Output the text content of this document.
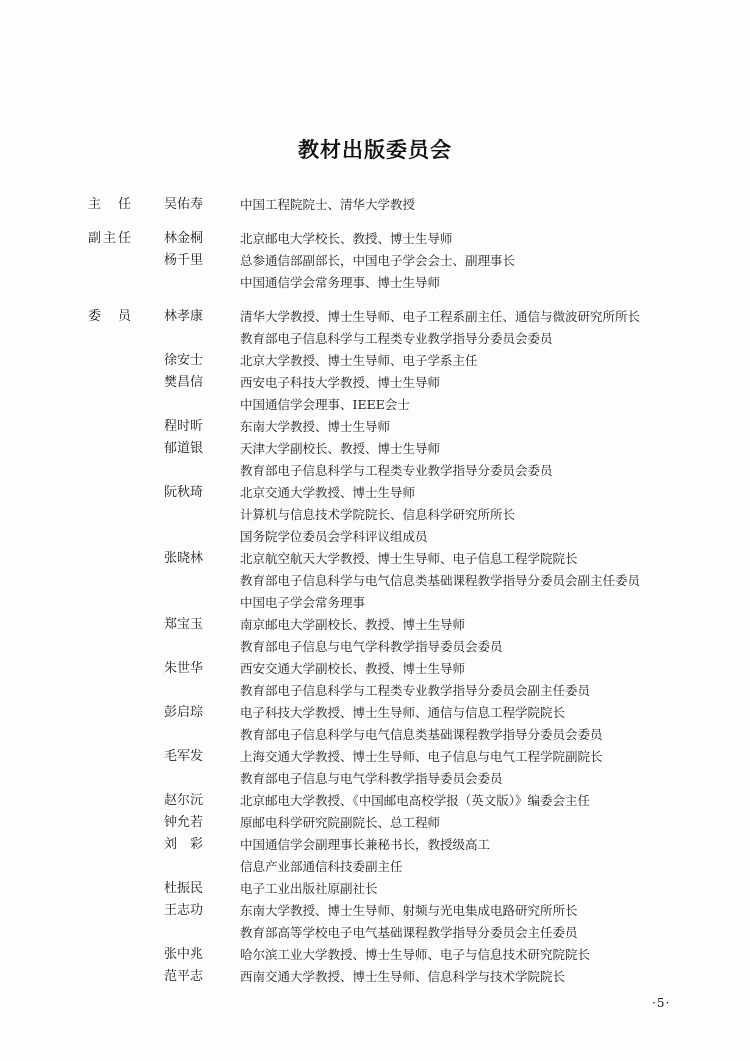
教材出版委员会
主　任	吴佑寿	中国工程院院士、清华大学教授
副主任	林金桐	北京邮电大学校长、教授、博士生导师
杨千里	总参通信部副部长，中国电子学会会士、副理事长
中国通信学会常务理事、博士生导师
委　员	林孝康	清华大学教授、博士生导师、电子工程系副主任、通信与微波研究所所长
教育部电子信息科学与工程类专业教学指导分委员会委员
徐安士	北京大学教授、博士生导师、电子学系主任
樊昌信	西安电子科技大学教授、博士生导师
中国通信学会理事、IEEE会士
程时昕	东南大学教授、博士生导师
郁道银	天津大学副校长、教授、博士生导师
教育部电子信息科学与工程类专业教学指导分委员会委员
阮秋琦	北京交通大学教授、博士生导师
计算机与信息技术学院院长、信息科学研究所所长
国务院学位委员会学科评议组成员
张晓林	北京航空航天大学教授、博士生导师、电子信息工程学院院长
教育部电子信息科学与电气信息类基础课程教学指导分委员会副主任委员
中国电子学会常务理事
郑宝玉	南京邮电大学副校长、教授、博士生导师
教育部电子信息与电气学科教学指导委员会委员
朱世华	西安交通大学副校长、教授、博士生导师
教育部电子信息科学与工程类专业教学指导分委员会副主任委员
彭启琮	电子科技大学教授、博士生导师、通信与信息工程学院院长
教育部电子信息科学与电气信息类基础课程教学指导分委员会委员
毛军发	上海交通大学教授、博士生导师、电子信息与电气工程学院副院长
教育部电子信息与电气学科教学指导委员会委员
赵尔沅	北京邮电大学教授、《中国邮电高校学报（英文版）》编委会主任
钟允若	原邮电科学研究院副院长、总工程师
刘　彩	中国通信学会副理事长兼秘书长，教授级高工
信息产业部通信科技委副主任
杜振民	电子工业出版社原副社长
王志功	东南大学教授、博士生导师、射频与光电集成电路研究所所长
教育部高等学校电子电气基础课程教学指导分委员会主任委员
张中兆	哈尔滨工业大学教授、博士生导师、电子与信息技术研究院院长
范平志	西南交通大学教授、博士生导师、信息科学与技术学院院长
·5·
